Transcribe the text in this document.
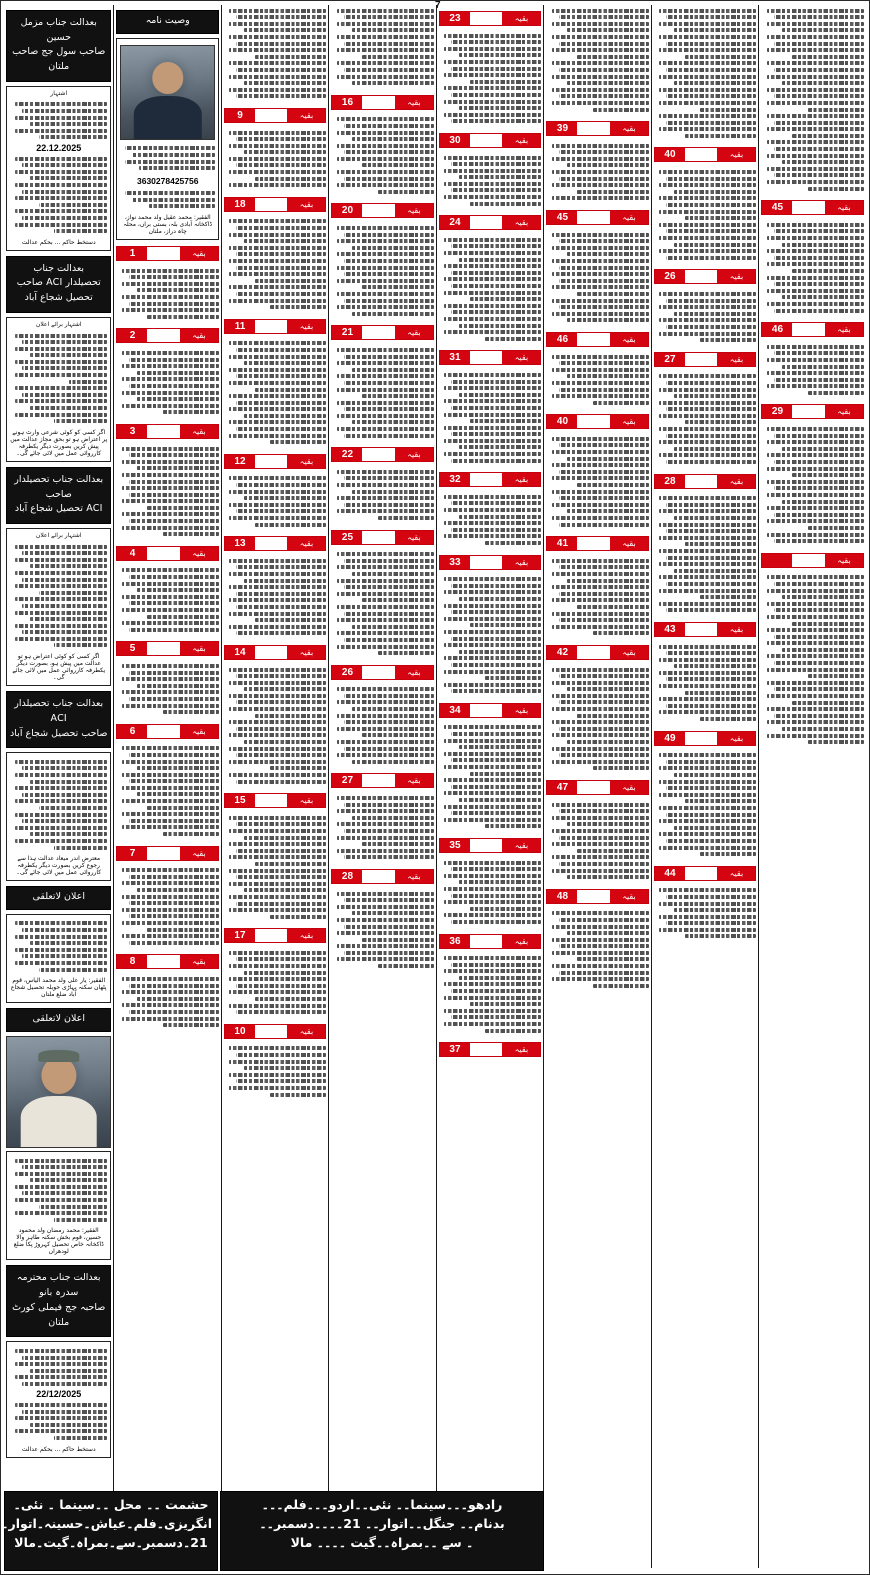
7
بعدالت جناب مزمل حسین
صاحب سول جج صاحب ملتان
اشتہار
22.12.2025
دستخط حاکم ... بحکم عدالت
بعدالت جناب
تحصیلدار ACI صاحب
تحصیل شجاع آباد
اشتہار برائے اعلان
اگر کسی کو کوئی شرعی وارث ہونے پر اعتراض ہو تو بحق مجاز عدالت میں پیش کریں بصورت دیگر یکطرفہ کارروائی عمل میں لائی جائے گی۔
بعدالت جناب تحصیلدار صاحب
ACI تحصیل شجاع آباد
اشتہار برائے اعلان
اگر کسی کو کوئی اعتراض ہو تو عدالت میں پیش ہو، بصورت دیگر یکطرفہ کارروائی عمل میں لائی جائے گی۔
بعدالت جناب تحصیلدار ACI
صاحب تحصیل شجاع آباد
معترض اندر میعاد عدالت ہذا سے رجوع کریں بصورت دیگر یکطرفہ کارروائی عمل میں لائی جائے گی۔
اعلان لاتعلقی
الفقیر: یار علی ولد محمد الیاس، قوم پٹھان سکنہ پہاڑی حویلہ تحصیل شجاع آباد ضلع ملتان
اعلان لاتعلقی
الفقیر: محمد رمضان ولد محمود حسین، قوم بخش سکنہ طاہر والا ڈاکخانہ خاص تحصیل کہروڑ پکا ضلع لودھراں
بعدالت جناب محترمہ سدرہ بانو
صاحبہ جج فیملی کورٹ ملتان
22/12/2025
دستخط حاکم ... بحکم عدالت
وصیت نامہ
3630278425756
الفقیر: محمد عقیل ولد محمد نواز، ڈاکخانہ آبادی بلہ، بستی براں، محلہ چاہ دراز، ملتان
1	بقیہ
2	بقیہ
3	بقیہ
4	بقیہ
5	بقیہ
6	بقیہ
7	بقیہ
8	بقیہ
9	بقیہ
18	بقیہ
11	بقیہ
12	بقیہ
13	بقیہ
14	بقیہ
15	بقیہ
17	بقیہ
10	بقیہ
16	بقیہ
20	بقیہ
21	بقیہ
22	بقیہ
25	بقیہ
26	بقیہ
27	بقیہ
28	بقیہ
23	بقیہ
30	بقیہ
24	بقیہ
31	بقیہ
32	بقیہ
33	بقیہ
34	بقیہ
35	بقیہ
36	بقیہ
37	بقیہ
39	بقیہ
45	بقیہ
46	بقیہ
40	بقیہ
41	بقیہ
42	بقیہ
47	بقیہ
48	بقیہ
40	بقیہ
26	بقیہ
27	بقیہ
28	بقیہ
43	بقیہ
49	بقیہ
44	بقیہ
45	بقیہ
46	بقیہ
29	بقیہ
بقیہ
حشمت ۔۔ محل ۔۔سینما ۔ نئی۔
انگریزی۔فلم۔عیاش۔حسینہ۔اتوار۔
21۔دسمبر۔سے۔بمراہ۔گیت۔مالا
رادھو۔۔۔سینما۔۔ نئی۔۔اردو۔۔۔فلم۔۔۔
بدنام۔۔ جنگل۔۔اتوار۔۔ 21۔۔۔۔دسمبر۔۔
۔ سے ۔۔بمراہ۔۔گیت ۔۔۔۔ مالا
